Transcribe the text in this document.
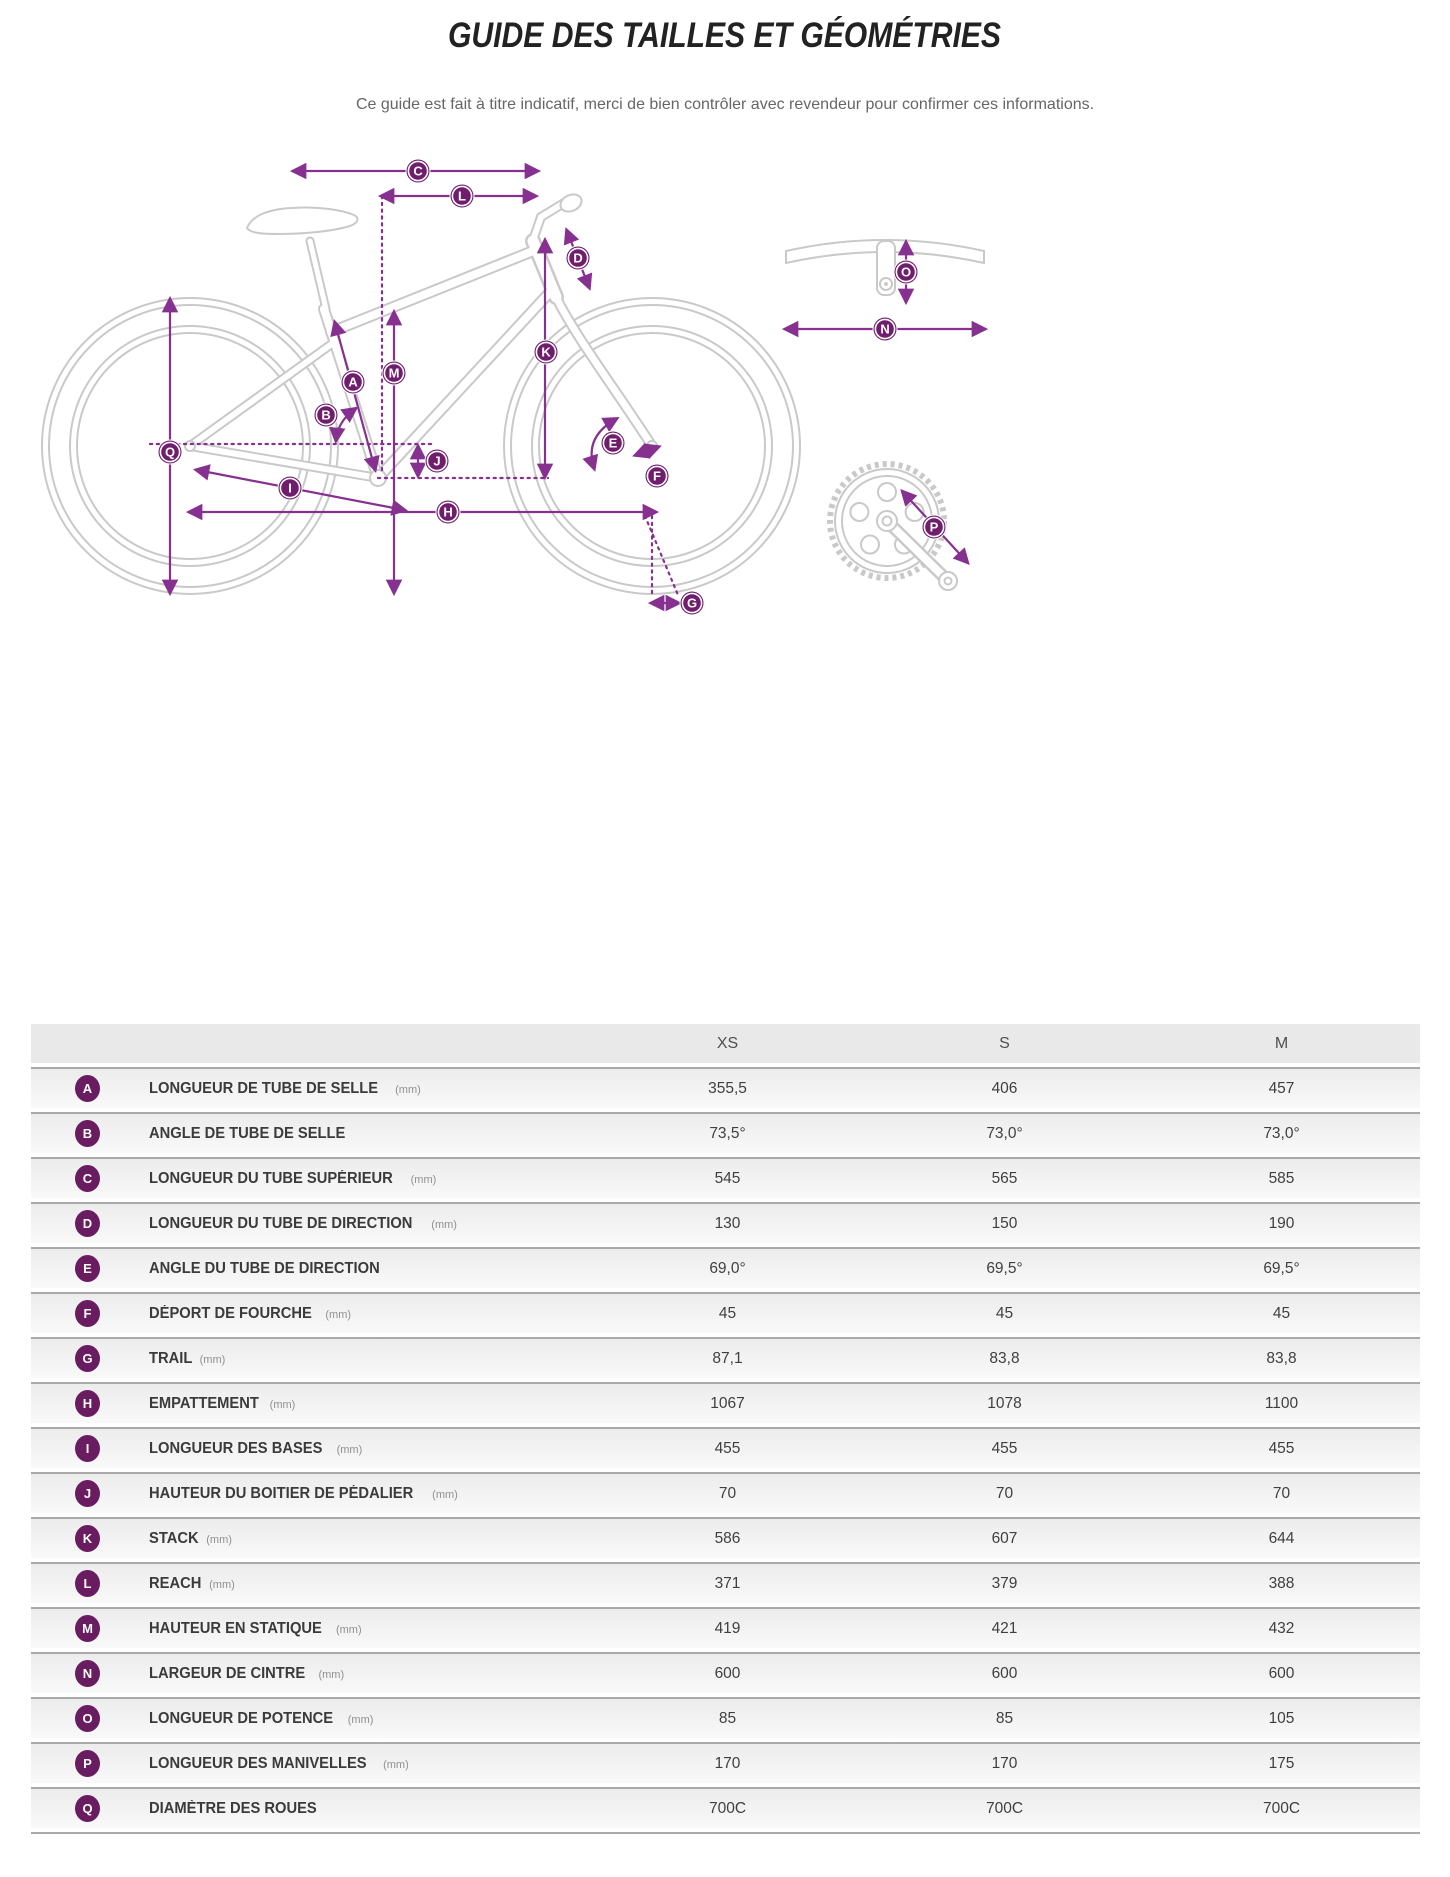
GUIDE DES TAILLES ET GÉOMÉTRIES

Ce guide est fait à titre indicatif, merci de bien contrôler avec revendeur pour confirmer ces informations.

C
L
D
A
B
M
K
Q
E
J
F
I
H
G
O
N
P
XS	S	M
A	LONGUEUR DE TUBE DE SELLE (mm)	355,5	406	457
B	ANGLE DE TUBE DE SELLE	73,5°	73,0°	73,0°
C	LONGUEUR DU TUBE SUPÉRIEUR (mm)	545	565	585
D	LONGUEUR DU TUBE DE DIRECTION (mm)	130	150	190
E	ANGLE DU TUBE DE DIRECTION	69,0°	69,5°	69,5°
F	DÉPORT DE FOURCHE (mm)	45	45	45
G	TRAIL (mm)	87,1	83,8	83,8
H	EMPATTEMENT (mm)	1067	1078	1100
I	LONGUEUR DES BASES (mm)	455	455	455
J	HAUTEUR DU BOITIER DE PÉDALIER (mm)	70	70	70
K	STACK (mm)	586	607	644
L	REACH (mm)	371	379	388
M	HAUTEUR EN STATIQUE (mm)	419	421	432
N	LARGEUR DE CINTRE (mm)	600	600	600
O	LONGUEUR DE POTENCE (mm)	85	85	105
P	LONGUEUR DES MANIVELLES (mm)	170	170	175
Q	DIAMÈTRE DES ROUES	700C	700C	700C
